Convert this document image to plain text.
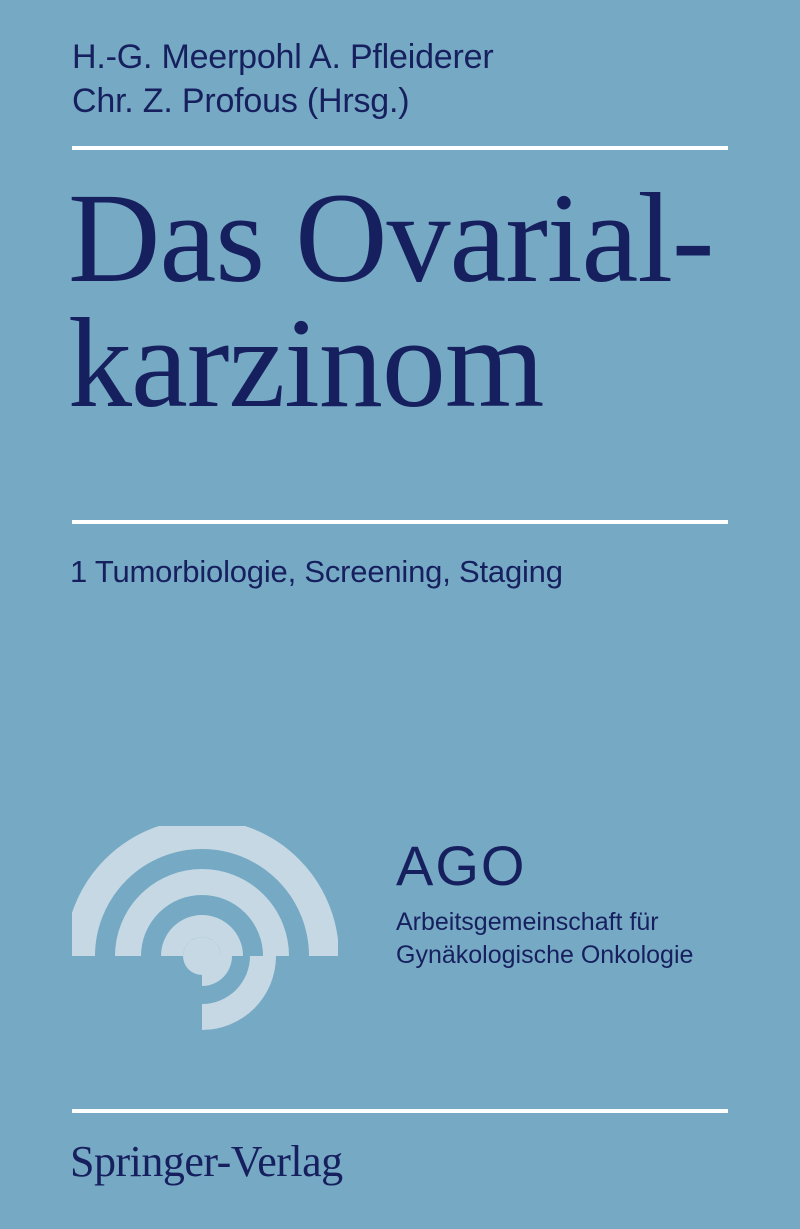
H.-G. Meerpohl A. Pfleiderer
Chr. Z. Profous (Hrsg.)
Das Ovarial-
karzinom
1 Tumorbiologie, Screening, Staging
AGO
Arbeitsgemeinschaft für
Gynäkologische Onkologie
Springer-Verlag
